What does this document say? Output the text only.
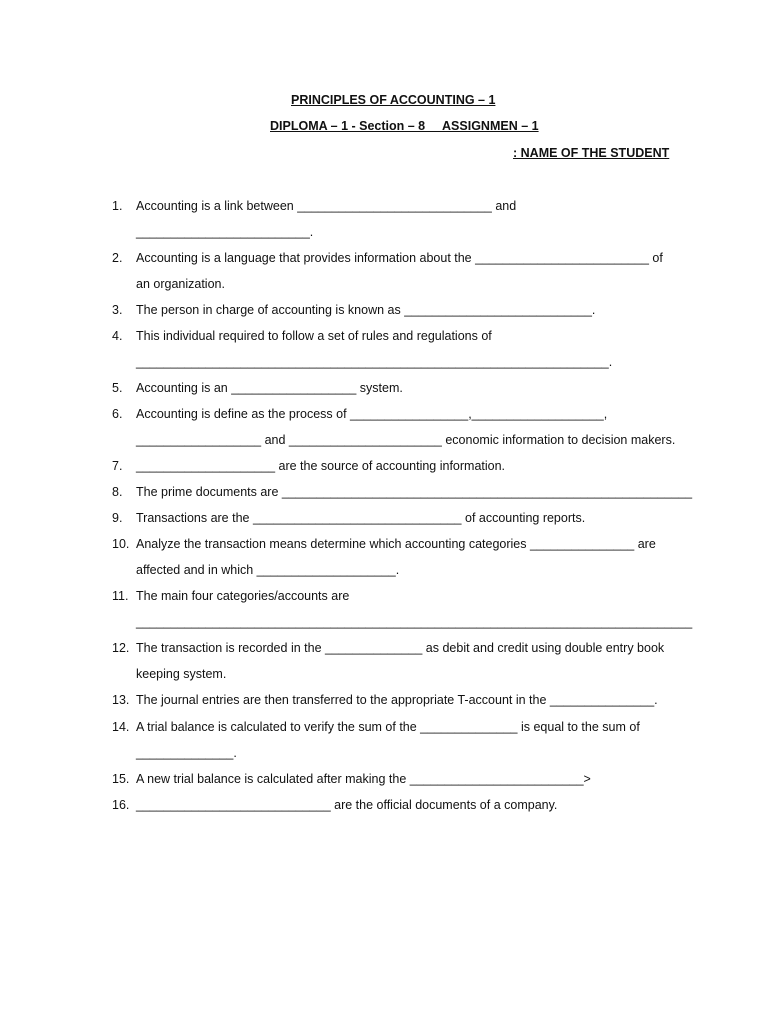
PRINCIPLES OF ACCOUNTING – 1
DIPLOMA – 1 - Section – 8     ASSIGNMEN – 1
: NAME OF THE STUDENT
1.	Accounting is a link between ____________________________ and
_________________________.
2.	Accounting is a language that provides information about the _________________________ of
an organization.
3.	The person in charge of accounting is known as ___________________________.
4.	This individual required to follow a set of rules and regulations of
____________________________________________________________________.
5.	Accounting is an __________________ system.
6.	Accounting is define as the process of _________________,___________________,
__________________ and ______________________ economic information to decision makers.
7.	____________________ are the source of accounting information.
8.	The prime documents are ___________________________________________________________
9.	Transactions are the ______________________________ of accounting reports.
10. Analyze the transaction means determine which accounting categories _______________ are
affected and in which ____________________.
11. The main four categories/accounts are
________________________________________________________________________________
12. The transaction is recorded in the ______________ as debit and credit using double entry book
keeping system.
13. The journal entries are then transferred to the appropriate T-account in the _______________.
14. A trial balance is calculated to verify the sum of the ______________ is equal to the sum of
______________.
15. A new trial balance is calculated after making the _________________________>
16. ____________________________ are the official documents of a company.
